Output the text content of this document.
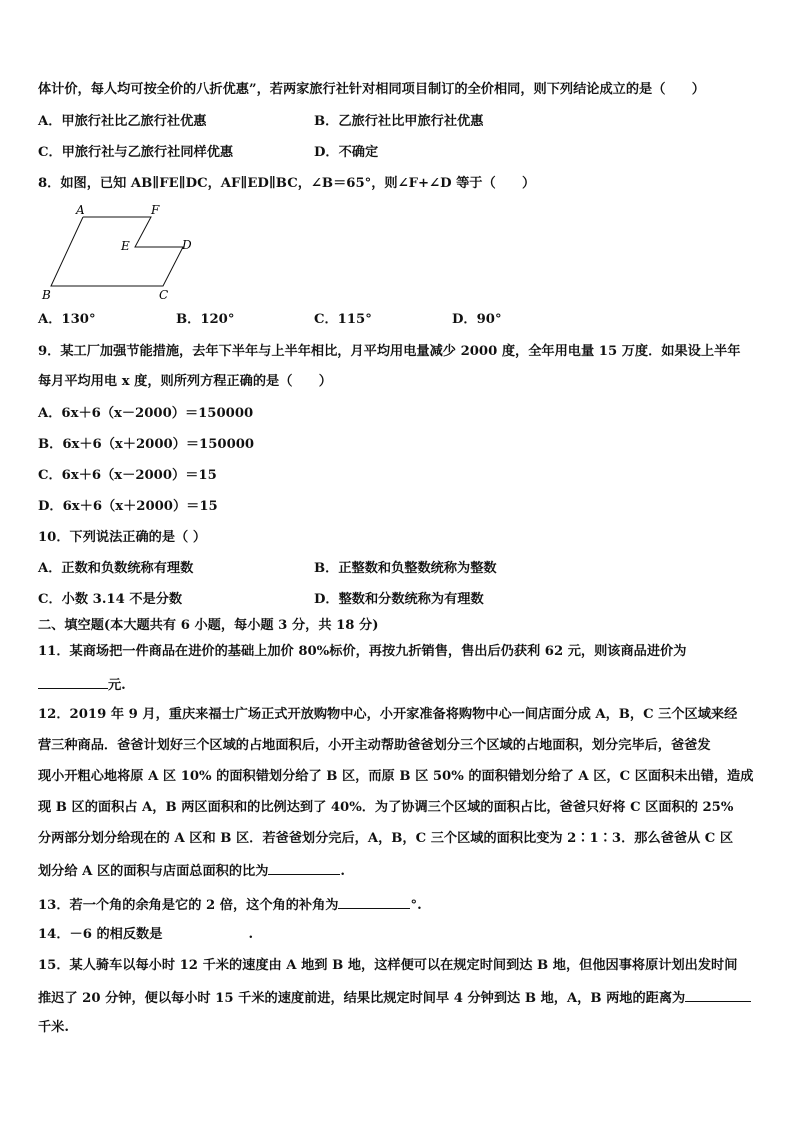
体计价，每人均可按全价的八折优惠”，若两家旅行社针对相同项目制订的全价相同，则下列结论成立的是（　　）
A．甲旅行社比乙旅行社优惠	B．乙旅行社比甲旅行社优惠
C．甲旅行社与乙旅行社同样优惠	D．不确定
8．如图，已知 AB∥FE∥DC，AF∥ED∥BC，∠B＝65°，则∠F+∠D 等于（　　）
A	F
E	D
B	C
A．130°	B．120°	C．115°	D．90°
9．某工厂加强节能措施，去年下半年与上半年相比，月平均用电量减少 2000 度，全年用电量 15 万度．如果设上半年
每月平均用电 x 度，则所列方程正确的是（　　）
A．6x＋6（x－2000）＝150000
B．6x＋6（x＋2000）＝150000
C．6x＋6（x－2000）＝15
D．6x＋6（x＋2000）＝15
10．下列说法正确的是（ ）
A．正数和负数统称有理数	B．正整数和负整数统称为整数
C．小数 3.14 不是分数	D．整数和分数统称为有理数
二、填空题(本大题共有 6 小题，每小题 3 分，共 18 分)
11．某商场把一件商品在进价的基础上加价 80%标价，再按九折销售，售出后仍获利 62 元，则该商品进价为
元.
12．2019 年 9 月，重庆来福士广场正式开放购物中心，小开家准备将购物中心一间店面分成 A，B，C 三个区域来经
营三种商品．爸爸计划好三个区域的占地面积后，小开主动帮助爸爸划分三个区域的占地面积，划分完毕后，爸爸发
现小开粗心地将原 A 区 10% 的面积错划分给了 B 区，而原 B 区 50% 的面积错划分给了 A 区，C 区面积未出错，造成
现 B 区的面积占 A，B 两区面积和的比例达到了 40%．为了协调三个区域的面积占比，爸爸只好将 C 区面积的 25%
分两部分划分给现在的 A 区和 B 区．若爸爸划分完后，A，B，C 三个区域的面积比变为 2∶1∶3．那么爸爸从 C 区
划分给 A 区的面积与店面总面积的比为	.
13．若一个角的余角是它的 2 倍，这个角的补角为	°.
14．－6 的相反数是	.
15．某人骑车以每小时 12 千米的速度由 A 地到 B 地，这样便可以在规定时间到达 B 地，但他因事将原计划出发时间
推迟了 20 分钟，便以每小时 15 千米的速度前进，结果比规定时间早 4 分钟到达 B 地，A，B 两地的距离为
千米.
